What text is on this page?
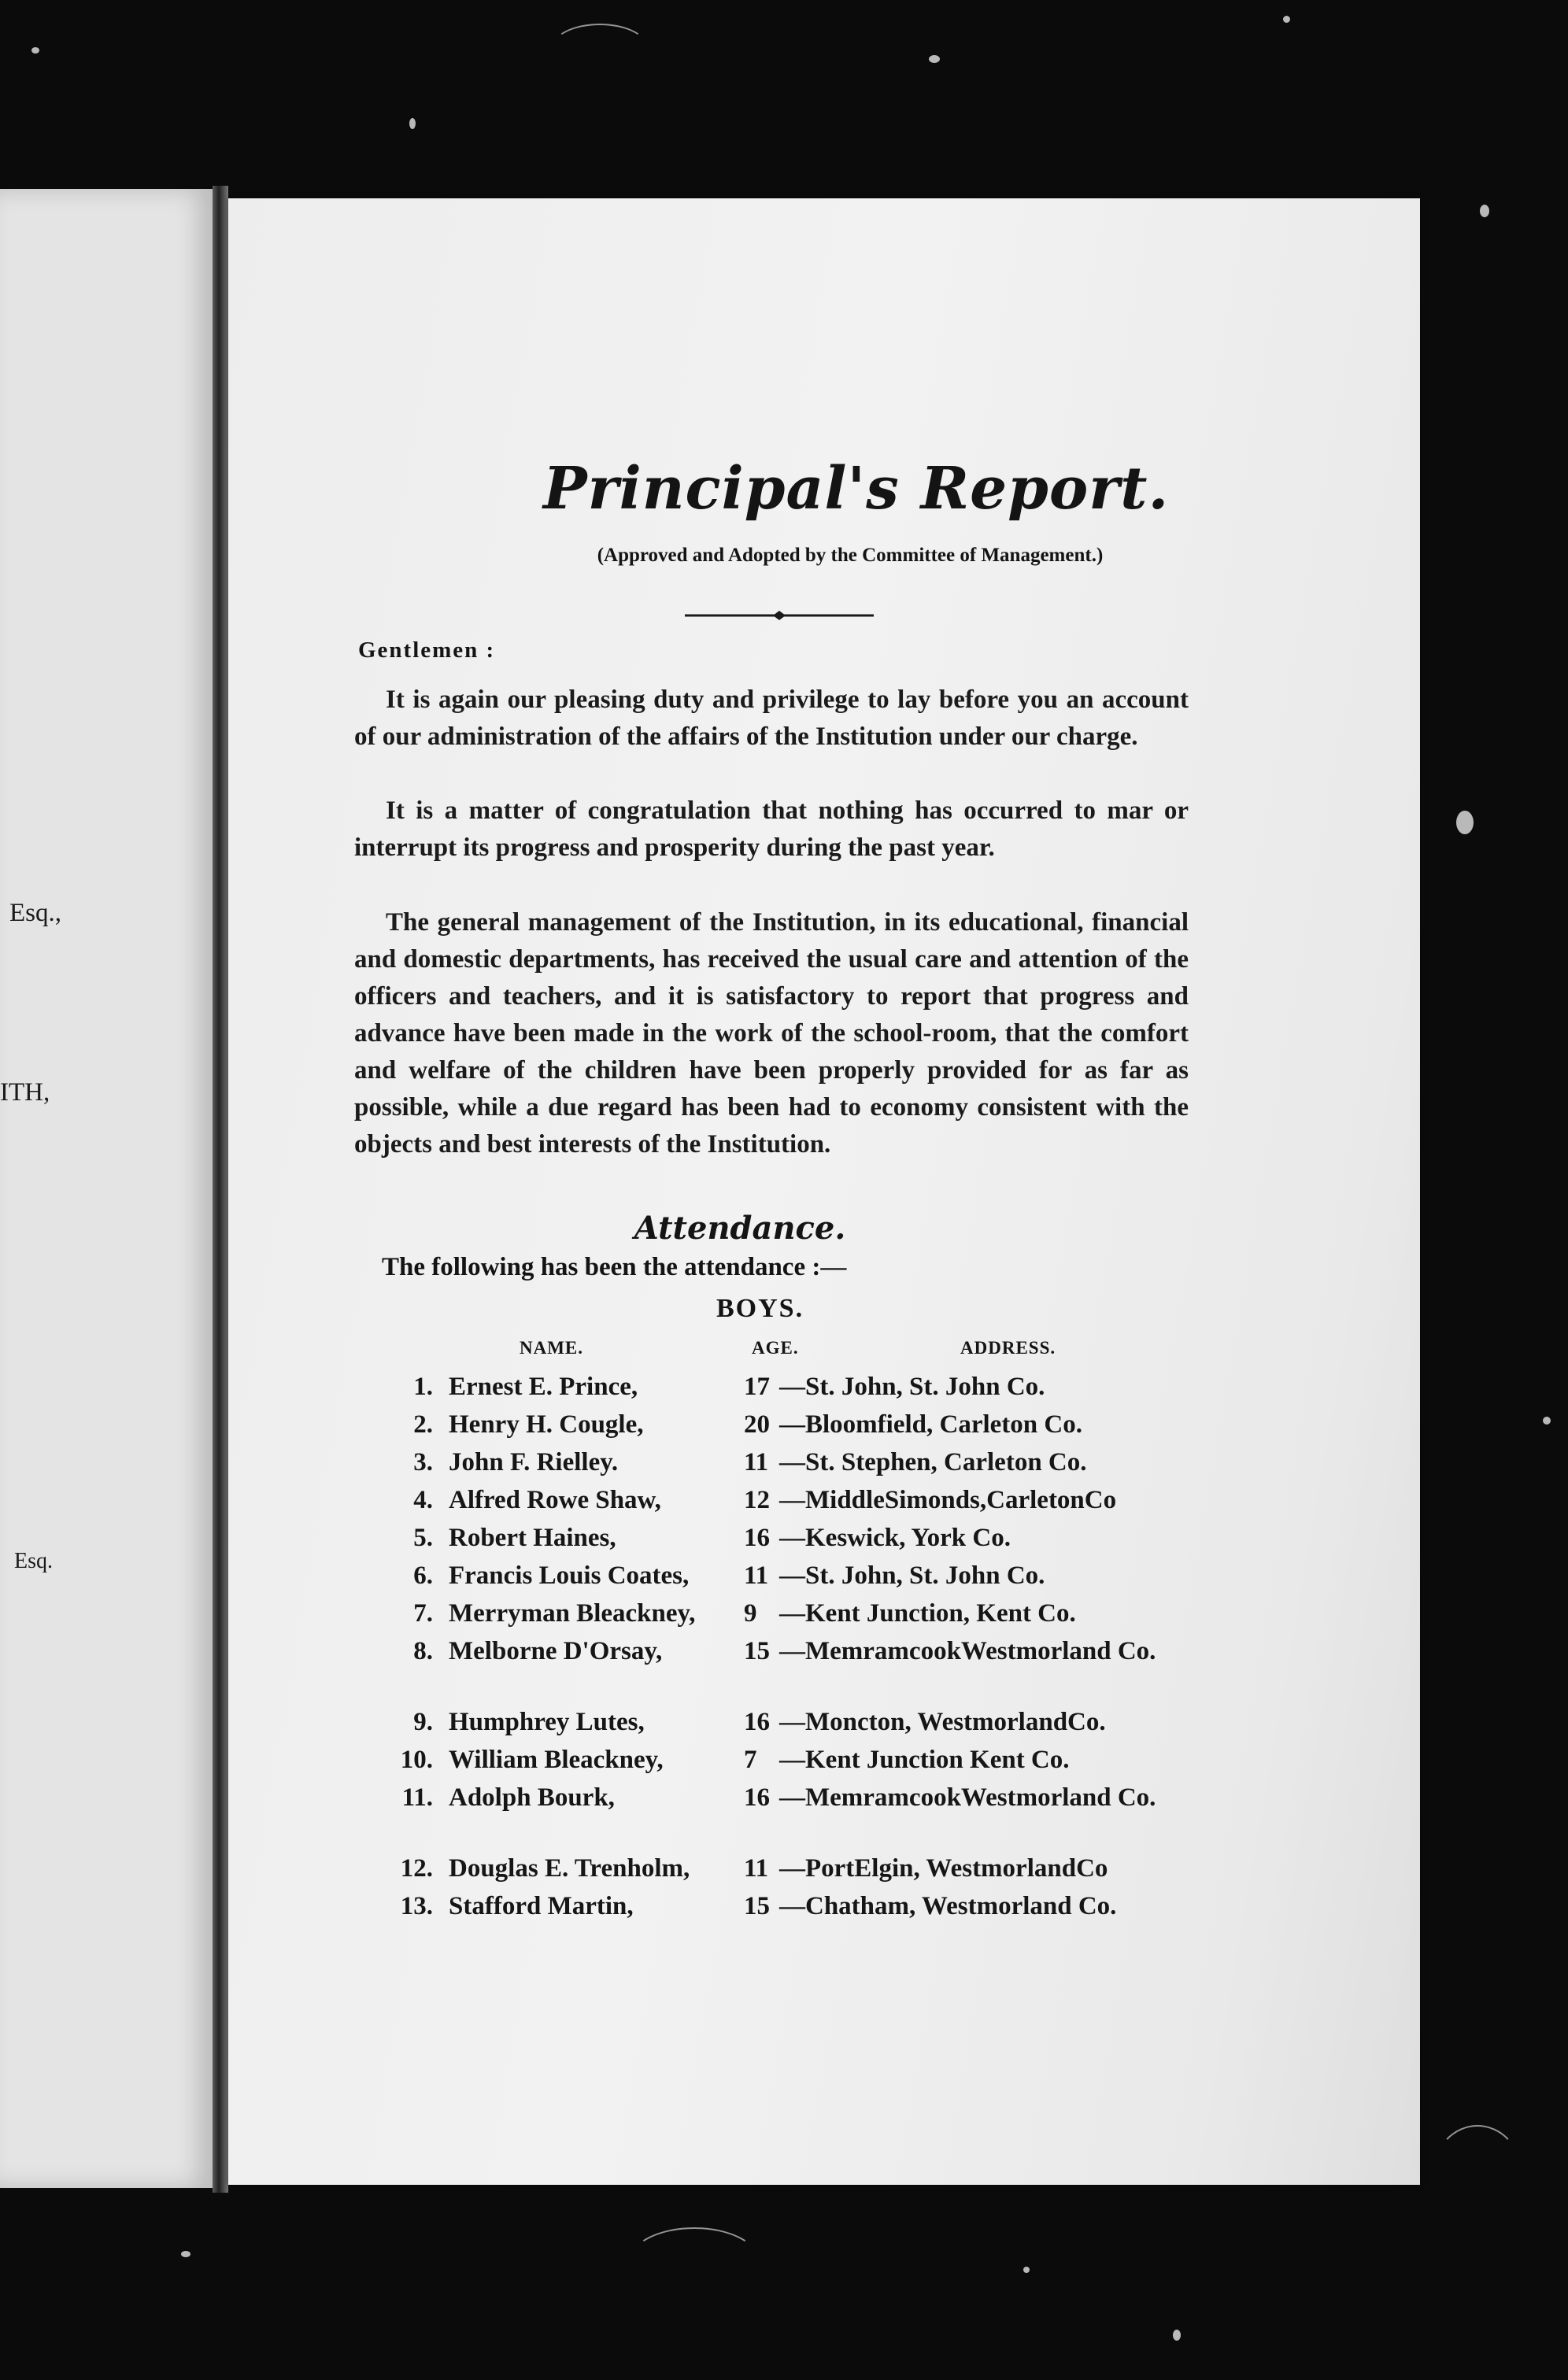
Esq.,
ITH,
Esq.
Principal's Report.
(Approved and Adopted by the Committee of Management.)
Gentlemen :
It is again our pleasing duty and privilege to lay before you an account of our administration of the affairs of the Institution under our charge.
It is a matter of congratulation that nothing has occurred to mar or interrupt its progress and prosperity during the past year.
The general management of the Institution, in its educational, financial and domestic departments, has received the usual care and attention of the officers and teachers, and it is satisfactory to report that progress and advance have been made in the work of the school-room, that the comfort and welfare of the children have been properly provided for as far as possible, while a due regard has been had to economy consistent with the objects and best interests of the Institution.
Attendance.
The following has been the attendance :—
BOYS.
NAME.	AGE.	ADDRESS.
1. Ernest E. Prince,	17 —St. John, St. John Co.
2. Henry H. Cougle,	20 —Bloomfield, Carleton Co.
3. John F. Rielley.	11 —St. Stephen, Carleton Co.
4. Alfred Rowe Shaw,	12 —MiddleSimonds,CarletonCo
5. Robert Haines,	16 —Keswick, York Co.
6. Francis Louis Coates, 11 —St. John, St. John Co.
7. Merryman Bleackney, 9 —Kent Junction, Kent Co.
8. Melborne D'Orsay,	15 —MemramcookWestmorland Co.
9. Humphrey Lutes,	16 —Moncton, WestmorlandCo.
10. William Bleackney,	7 —Kent Junction Kent Co.
11. Adolph Bourk,	16 —MemramcookWestmorland Co.
12. Douglas E. Trenholm, 11 —PortElgin, WestmorlandCo
13. Stafford Martin,	15 —Chatham, Westmorland Co.
